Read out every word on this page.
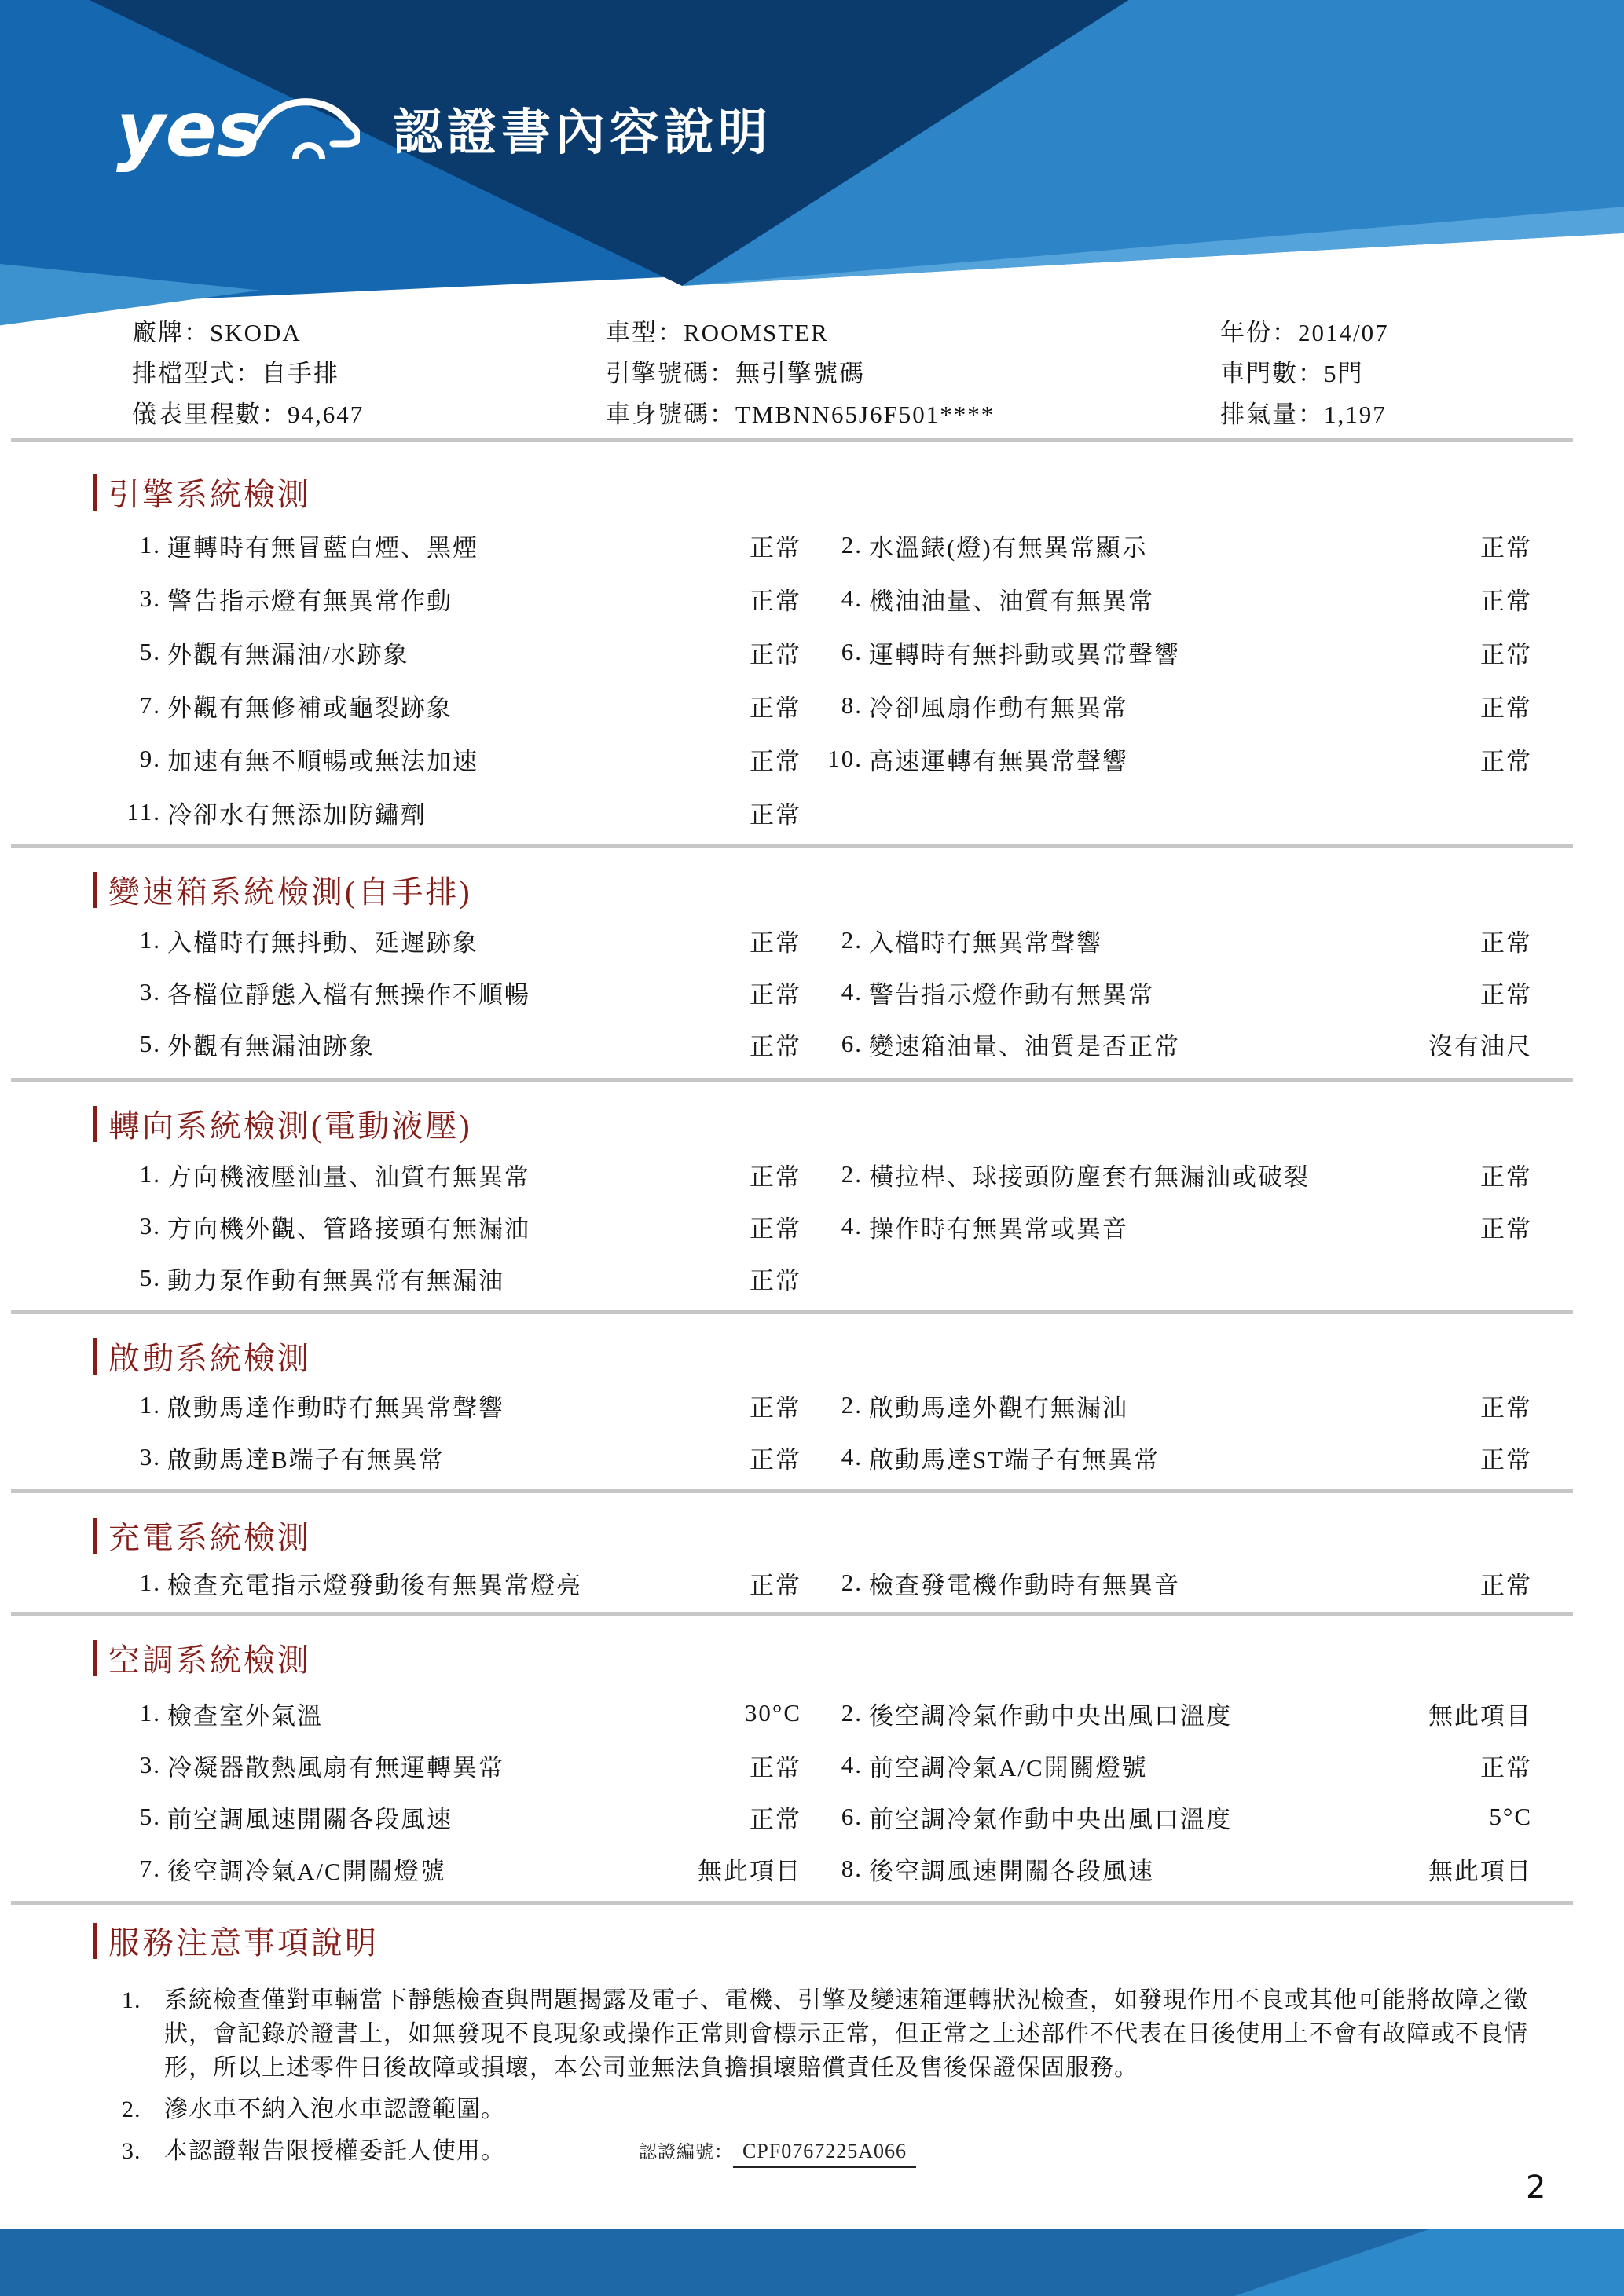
yes	認證書內容說明
廠牌：SKODA	車型：ROOMSTER	年份：2014/07
排檔型式：自手排	引擎號碼：無引擎號碼	車門數：5門
儀表里程數：94,647	車身號碼：TMBNN65J6F501****	排氣量：1,197
引擎系統檢測
1. 運轉時有無冒藍白煙、黑煙	正常	2. 水溫錶(燈)有無異常顯示	正常
3. 警告指示燈有無異常作動	正常	4. 機油油量、油質有無異常	正常
5. 外觀有無漏油/水跡象	正常	6. 運轉時有無抖動或異常聲響	正常
7. 外觀有無修補或龜裂跡象	正常	8. 冷卻風扇作動有無異常	正常
9. 加速有無不順暢或無法加速	正常 10. 高速運轉有無異常聲響	正常
11. 冷卻水有無添加防鏽劑	正常
變速箱系統檢測(自手排)
1. 入檔時有無抖動、延遲跡象	正常	2. 入檔時有無異常聲響	正常
3. 各檔位靜態入檔有無操作不順暢	正常	4. 警告指示燈作動有無異常	正常
5. 外觀有無漏油跡象	正常	6. 變速箱油量、油質是否正常	沒有油尺
轉向系統檢測(電動液壓)
1. 方向機液壓油量、油質有無異常	正常	2. 橫拉桿、球接頭防塵套有無漏油或破裂	正常
3. 方向機外觀、管路接頭有無漏油	正常	4. 操作時有無異常或異音	正常
5. 動力泵作動有無異常有無漏油	正常
啟動系統檢測
1. 啟動馬達作動時有無異常聲響	正常	2. 啟動馬達外觀有無漏油	正常
3. 啟動馬達B端子有無異常	正常	4. 啟動馬達ST端子有無異常	正常
充電系統檢測
1. 檢查充電指示燈發動後有無異常燈亮	正常	2. 檢查發電機作動時有無異音	正常
空調系統檢測
1. 檢查室外氣溫	30°C	2. 後空調冷氣作動中央出風口溫度	無此項目
3. 冷凝器散熱風扇有無運轉異常	正常	4. 前空調冷氣A/C開關燈號	正常
5. 前空調風速開關各段風速	正常	6. 前空調冷氣作動中央出風口溫度	5°C
7. 後空調冷氣A/C開關燈號	無此項目	8. 後空調風速開關各段風速	無此項目
服務注意事項說明
1. 系統檢查僅對車輛當下靜態檢查與問題揭露及電子、電機、引擎及變速箱運轉狀況檢查，如發現作用不良或其他可能將故障之徵狀，會記錄於證書上，如無發現不良現象或操作正常則會標示正常，但正常之上述部件不代表在日後使用上不會有故障或不良情形，所以上述零件日後故障或損壞，本公司並無法負擔損壞賠償責任及售後保證保固服務。
2. 滲水車不納入泡水車認證範圍。
3. 本認證報告限授權委託人使用。	認證編號： CPF0767225A066
2
